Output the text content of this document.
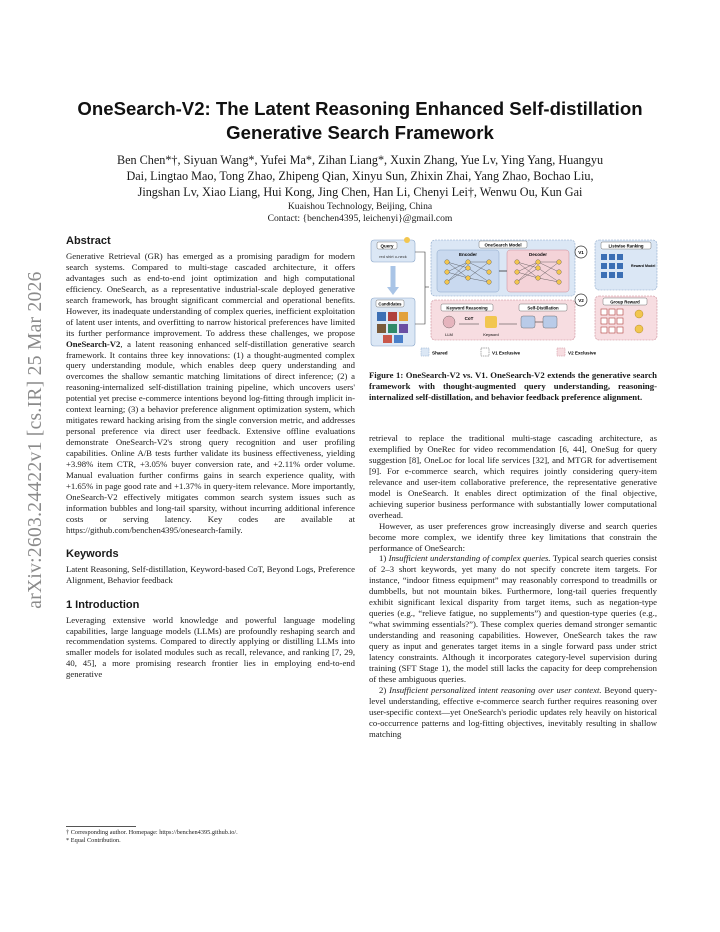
arXiv:2603.24422v1 [cs.IR] 25 Mar 2026
OneSearch-V2: The Latent Reasoning Enhanced Self-distillation Generative Search Framework
Ben Chen*†, Siyuan Wang*, Yufei Ma*, Zihan Liang*, Xuxin Zhang, Yue Lv, Ying Yang, Huangyu
Dai, Lingtao Mao, Tong Zhao, Zhipeng Qian, Xinyu Sun, Zhixin Zhai, Yang Zhao, Bochao Liu,
Jingshan Lv, Xiao Liang, Hui Kong, Jing Chen, Han Li, Chenyi Lei†, Wenwu Ou, Kun Gai
Kuaishou Technology, Beijing, China
Contact: {benchen4395, leichenyi}@gmail.com
Abstract

Generative Retrieval (GR) has emerged as a promising paradigm for modern search systems. Compared to multi-stage cascaded architecture, it offers advantages such as end-to-end joint optimization and high computational efficiency. OneSearch, as a representative industrial-scale deployed generative search framework, has brought significant commercial and operational benefits. However, its inadequate understanding of complex queries, inefficient exploitation of latent user intents, and overfitting to narrow historical preferences have limited its further performance improvement. To address these challenges, we propose OneSearch-V2, a latent reasoning enhanced self-distillation generative search framework. It contains three key innovations: (1) a thought-augmented complex query understanding module, which enables deep query understanding and overcomes the shallow semantic matching limitations of direct inference; (2) a reasoning-internalized self-distillation training pipeline, which uncovers users' potential yet precise e-commerce intentions beyond log-fitting through implicit in-context learning; (3) a behavior preference alignment optimization system, which mitigates reward hacking arising from the single conversion metric, and addresses personal preference via direct user feedback. Extensive offline evaluations demonstrate OneSearch-V2's strong query recognition and user profiling capabilities. Online A/B tests further validate its business effectiveness, yielding +3.98% item CTR, +3.05% buyer conversion rate, and +2.11% order volume. Manual evaluation further confirms gains in search experience quality, with +1.65% in page good rate and +1.37% in query-item relevance. More importantly, OneSearch-V2 effectively mitigates common search system issues such as information bubbles and long-tail sparsity, without incurring additional inference costs or serving latency. Key codes are available at https://github.com/benchen4395/onesearch-family.

Keywords

Latent Reasoning, Self-distillation, Keyword-based CoT, Beyond Logs, Preference Alignment, Behavior feedback

1 Introduction

Leveraging extensive world knowledge and powerful language modeling capabilities, large language models (LLMs) are profoundly reshaping search and recommendation systems. Compared to directly applying or distilling LLMs into smaller models for isolated modules such as recall, relevance, and ranking [7, 29, 40, 45], a more promising research frontier lies in employing end-to-end generative

† Corresponding author. Homepage: https://benchen4395.github.io/.
* Equal Contribution.
Query
red shirt o-neck
Candidates
OneSearch Model
Encoder	Decoder
Keyword Reasoning	Self-Distillation
LLM
CoT
Keyword
V1
V2
Listwise Ranking
Reward Model
Group Reward
Shared	V1 Exclusive	V2 Exclusive
Figure 1: OneSearch-V2 vs. V1. OneSearch-V2 extends the generative search framework with thought-augmented query understanding, reasoning-internalized self-distillation, and behavior feedback preference alignment.

retrieval to replace the traditional multi-stage cascading architecture, as exemplified by OneRec for video recommendation [6, 44], OneSug for query suggestion [8], OneLoc for local life services [32], and MTGR for advertisement [9]. For e-commerce search, which requires jointly considering query-item relevance and user-item collaborative preference, the representative generative model is OneSearch. It enables direct optimization of the final objective, achieving superior business performance with substantially lower computational overhead.

However, as user preferences grow increasingly diverse and search queries become more complex, we identify three key limitations that constrain the performance of OneSearch:

1) Insufficient understanding of complex queries. Typical search queries consist of 2–3 short keywords, yet many do not specify concrete item targets. For instance, “indoor fitness equipment” may reasonably correspond to treadmills or dumbbells, but not mountain bikes. Furthermore, long-tail queries frequently exhibit significant lexical disparity from target items, such as negation-type queries (e.g., “relieve fatigue, no supplements”) and question-type queries (e.g., “what swimming essentials?”). These complex queries demand stronger semantic understanding and reasoning capabilities. However, OneSearch takes the raw query as input and generates target items in a single forward pass under strict latency constraints. Although it incorporates category-level supervision during training (SFT Stage 1), the model still lacks the capacity for deep comprehension of these ambiguous queries.

2) Insufficient personalized intent reasoning over user context. Beyond query-level understanding, effective e-commerce search further requires reasoning over user-specific context—yet OneSearch's periodic updates rely heavily on historical co-occurrence patterns and log-fitting objectives, inevitably resulting in shallow matching
